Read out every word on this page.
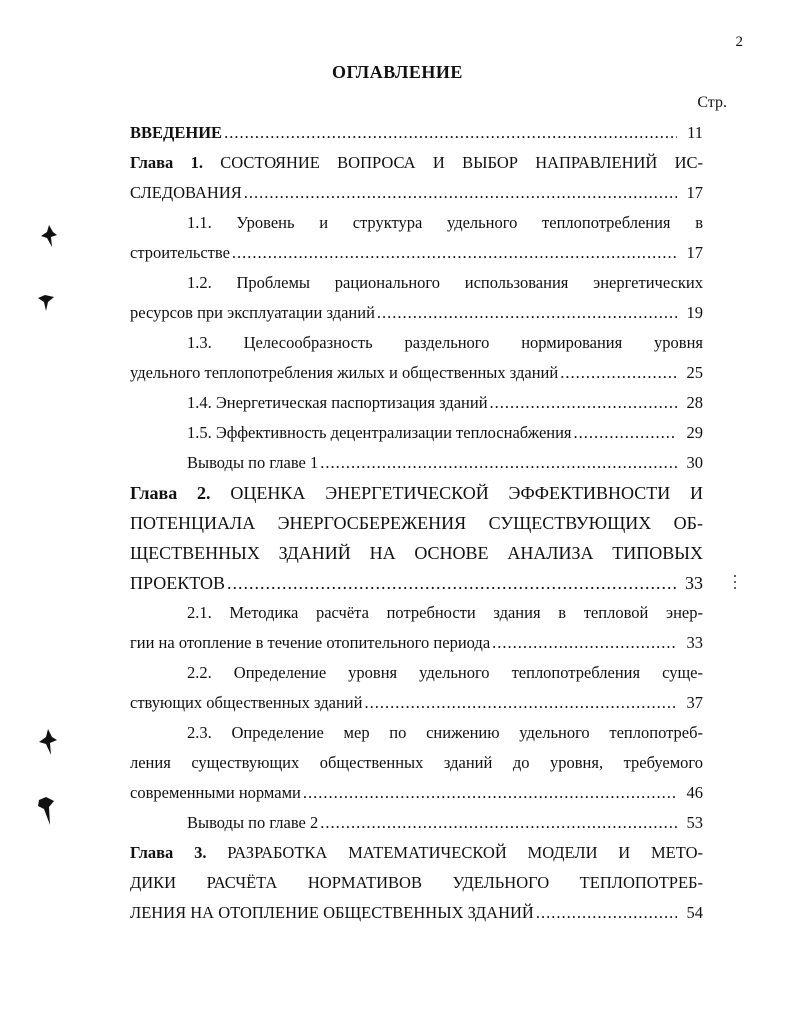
2
ОГЛАВЛЕНИЕ
Стр.
ВВЕДЕНИЕ .....	11
Глава 1. СОСТОЯНИЕ ВОПРОСА И ВЫБОР НАПРАВЛЕНИЙ ИС-
СЛЕДОВАНИЯ .....	17
1.1. Уровень и структура удельного теплопотребления в
строительстве .....	17
1.2. Проблемы рационального использования энергетических
ресурсов при эксплуатации зданий .....	19
1.3. Целесообразность раздельного нормирования уровня
удельного теплопотребления жилых и общественных зданий .....	25
1.4. Энергетическая паспортизация зданий .....	28
1.5. Эффективность децентрализации теплоснабжения .....	29
Выводы по главе 1 .....	30
Глава 2. ОЦЕНКА ЭНЕРГЕТИЧЕСКОЙ ЭФФЕКТИВНОСТИ И
ПОТЕНЦИАЛА ЭНЕРГОСБЕРЕЖЕНИЯ СУЩЕСТВУЮЩИХ ОБ-
ЩЕСТВЕННЫХ ЗДАНИЙ НА ОСНОВЕ АНАЛИЗА ТИПОВЫХ
ПРОЕКТОВ .....	33
2.1. Методика расчёта потребности здания в тепловой энер-
гии на отопление в течение отопительного периода .....	33
2.2. Определение уровня удельного теплопотребления суще-
ствующих общественных зданий .....	37
2.3. Определение мер по снижению удельного теплопотреб-
ления существующих общественных зданий до уровня, требуемого
современными нормами .....	46
Выводы по главе 2 .....	53
Глава 3. РАЗРАБОТКА МАТЕМАТИЧЕСКОЙ МОДЕЛИ И МЕТО-
ДИКИ РАСЧЁТА НОРМАТИВОВ УДЕЛЬНОГО ТЕПЛОПОТРЕБ-
ЛЕНИЯ НА ОТОПЛЕНИЕ ОБЩЕСТВЕННЫХ ЗДАНИЙ .....	54
